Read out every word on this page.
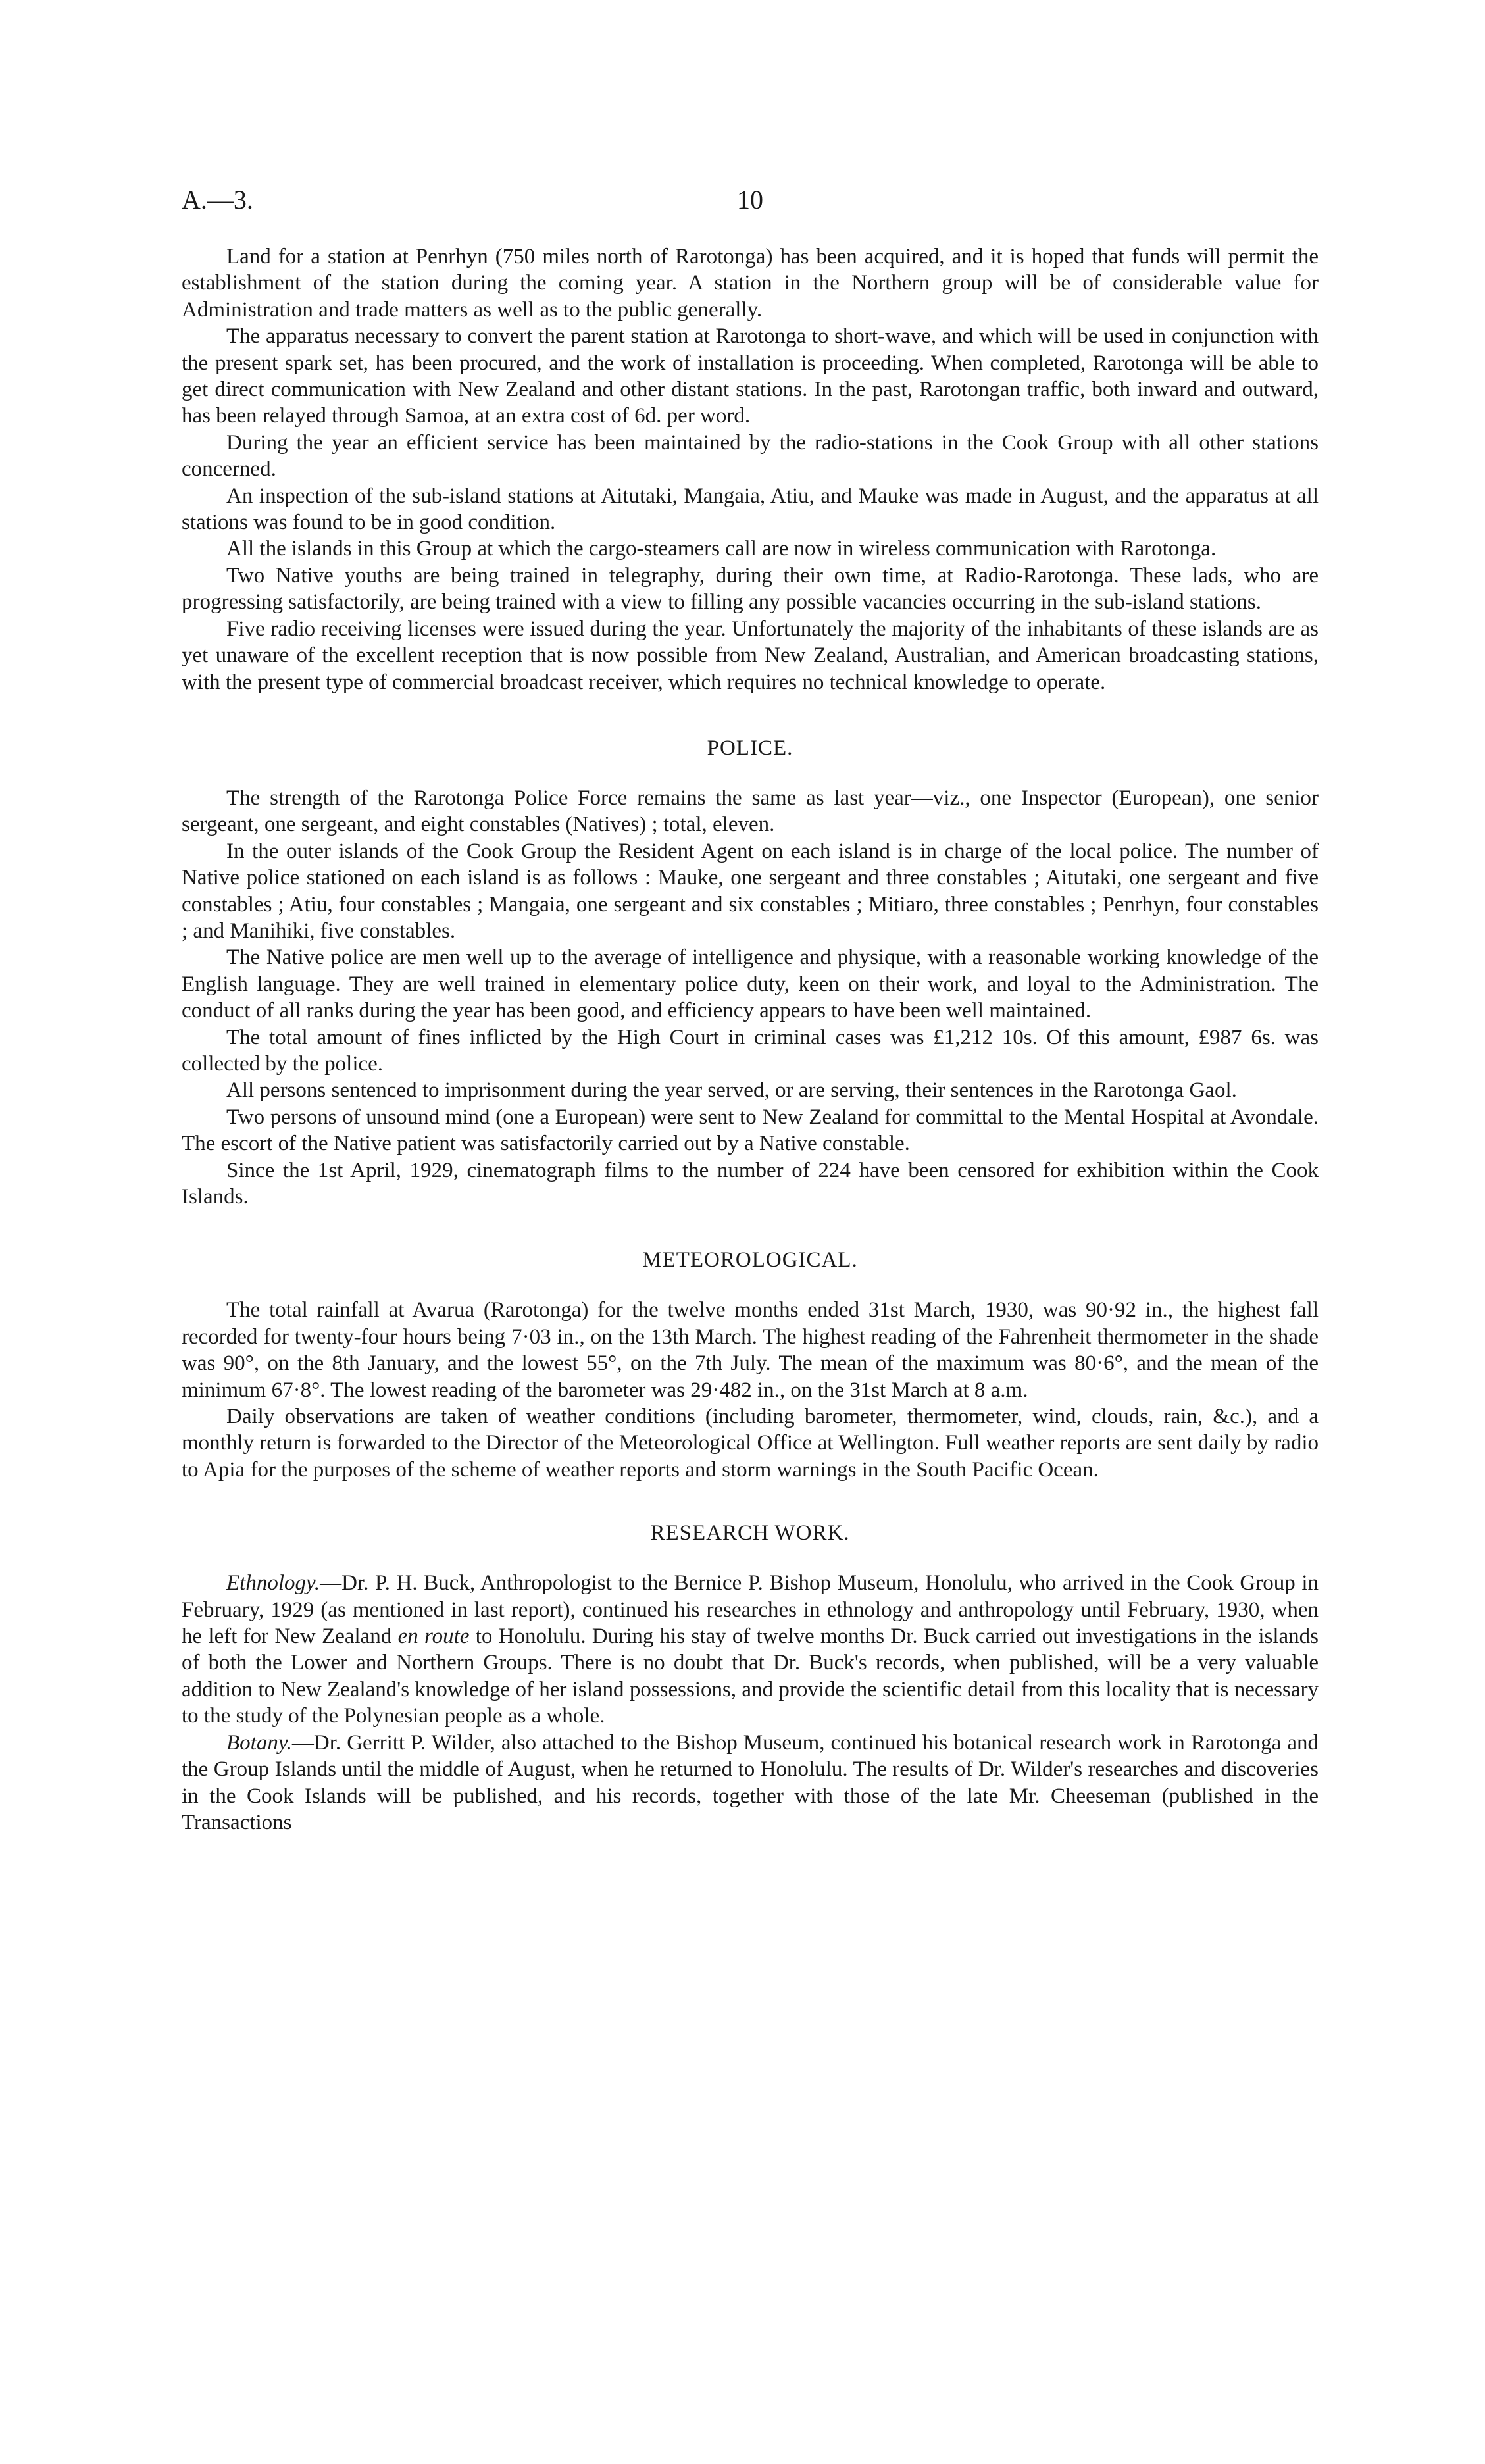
A.—3.	10

Land for a station at Penrhyn (750 miles north of Rarotonga) has been acquired, and it is hoped that funds will permit the establishment of the station during the coming year. A station in the Northern group will be of considerable value for Administration and trade matters as well as to the public generally.

The apparatus necessary to convert the parent station at Rarotonga to short-wave, and which will be used in conjunction with the present spark set, has been procured, and the work of installation is proceeding. When completed, Rarotonga will be able to get direct communication with New Zealand and other distant stations. In the past, Rarotongan traffic, both inward and outward, has been relayed through Samoa, at an extra cost of 6d. per word.

During the year an efficient service has been maintained by the radio-stations in the Cook Group with all other stations concerned.

An inspection of the sub-island stations at Aitutaki, Mangaia, Atiu, and Mauke was made in August, and the apparatus at all stations was found to be in good condition.

All the islands in this Group at which the cargo-steamers call are now in wireless communication with Rarotonga.

Two Native youths are being trained in telegraphy, during their own time, at Radio-Rarotonga. These lads, who are progressing satisfactorily, are being trained with a view to filling any possible vacancies occurring in the sub-island stations.

Five radio receiving licenses were issued during the year. Unfortunately the majority of the inhabitants of these islands are as yet unaware of the excellent reception that is now possible from New Zealand, Australian, and American broadcasting stations, with the present type of commercial broadcast receiver, which requires no technical knowledge to operate.

POLICE.

The strength of the Rarotonga Police Force remains the same as last year—viz., one Inspector (European), one senior sergeant, one sergeant, and eight constables (Natives) ; total, eleven.

In the outer islands of the Cook Group the Resident Agent on each island is in charge of the local police. The number of Native police stationed on each island is as follows : Mauke, one sergeant and three constables ; Aitutaki, one sergeant and five constables ; Atiu, four constables ; Mangaia, one sergeant and six constables ; Mitiaro, three constables ; Penrhyn, four constables ; and Manihiki, five constables.

The Native police are men well up to the average of intelligence and physique, with a reasonable working knowledge of the English language. They are well trained in elementary police duty, keen on their work, and loyal to the Administration. The conduct of all ranks during the year has been good, and efficiency appears to have been well maintained.

The total amount of fines inflicted by the High Court in criminal cases was £1,212 10s. Of this amount, £987 6s. was collected by the police.

All persons sentenced to imprisonment during the year served, or are serving, their sentences in the Rarotonga Gaol.

Two persons of unsound mind (one a European) were sent to New Zealand for committal to the Mental Hospital at Avondale. The escort of the Native patient was satisfactorily carried out by a Native constable.

Since the 1st April, 1929, cinematograph films to the number of 224 have been censored for exhibition within the Cook Islands.

METEOROLOGICAL.

The total rainfall at Avarua (Rarotonga) for the twelve months ended 31st March, 1930, was 90·92 in., the highest fall recorded for twenty-four hours being 7·03 in., on the 13th March. The highest reading of the Fahrenheit thermometer in the shade was 90°, on the 8th January, and the lowest 55°, on the 7th July. The mean of the maximum was 80·6°, and the mean of the minimum 67·8°. The lowest reading of the barometer was 29·482 in., on the 31st March at 8 a.m.

Daily observations are taken of weather conditions (including barometer, thermometer, wind, clouds, rain, &c.), and a monthly return is forwarded to the Director of the Meteorological Office at Wellington. Full weather reports are sent daily by radio to Apia for the purposes of the scheme of weather reports and storm warnings in the South Pacific Ocean.

RESEARCH WORK.

Ethnology.—Dr. P. H. Buck, Anthropologist to the Bernice P. Bishop Museum, Honolulu, who arrived in the Cook Group in February, 1929 (as mentioned in last report), continued his researches in ethnology and anthropology until February, 1930, when he left for New Zealand en route to Honolulu. During his stay of twelve months Dr. Buck carried out investigations in the islands of both the Lower and Northern Groups. There is no doubt that Dr. Buck's records, when published, will be a very valuable addition to New Zealand's knowledge of her island possessions, and provide the scientific detail from this locality that is necessary to the study of the Polynesian people as a whole.

Botany.—Dr. Gerritt P. Wilder, also attached to the Bishop Museum, continued his botanical research work in Rarotonga and the Group Islands until the middle of August, when he returned to Honolulu. The results of Dr. Wilder's researches and discoveries in the Cook Islands will be published, and his records, together with those of the late Mr. Cheeseman (published in the Transactions
